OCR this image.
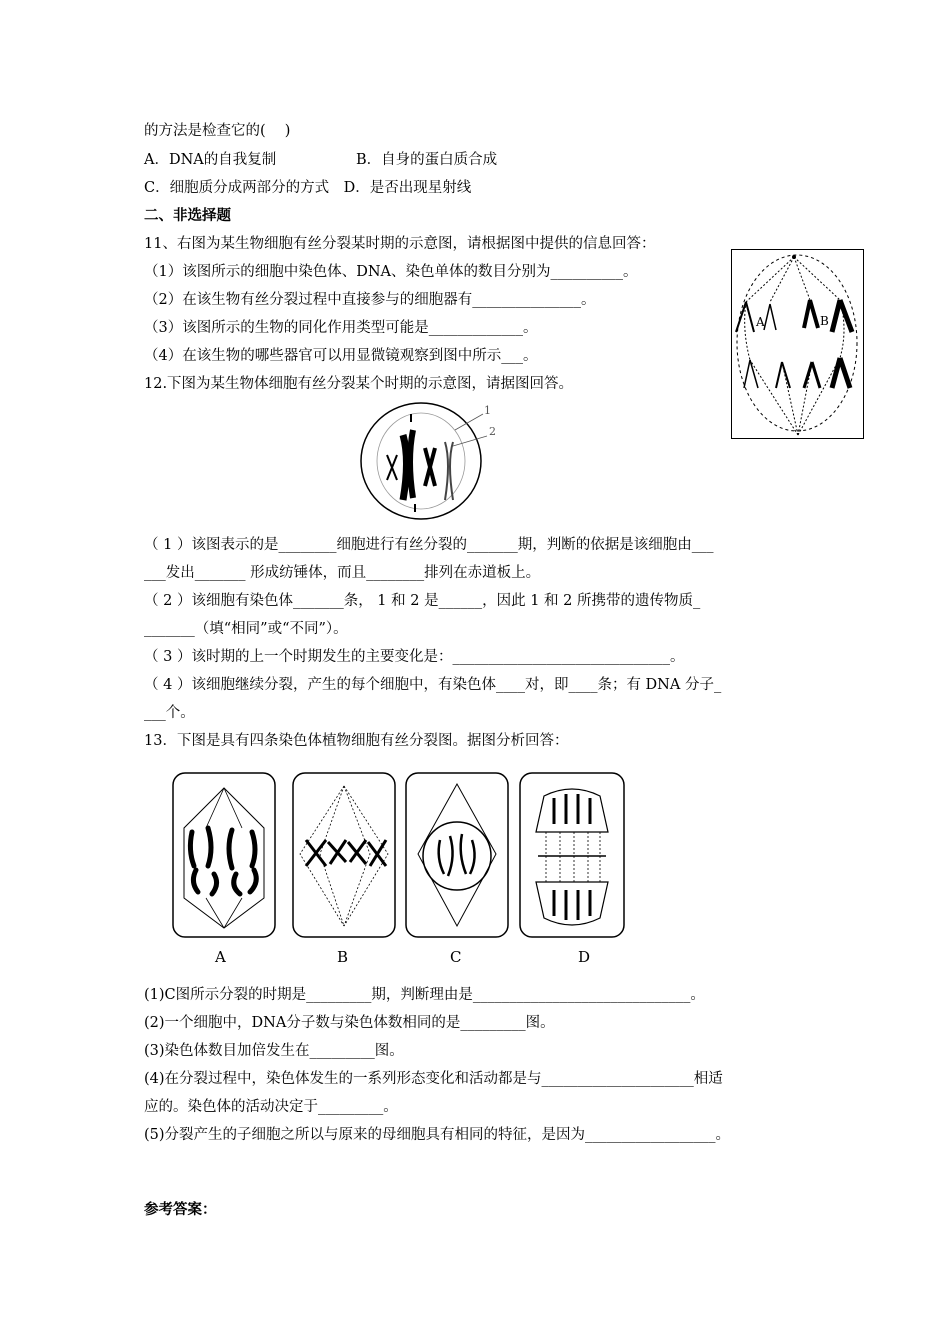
的方法是检查它的(　 )
A．DNA的自我复制	B．自身的蛋白质合成
C．细胞质分成两部分的方式　D．是否出现星射线
二、非选择题
11、右图为某生物细胞有丝分裂某时期的示意图，请根据图中提供的信息回答：
（1）该图所示的细胞中染色体、DNA、染色单体的数目分别为__________。
（2）在该生物有丝分裂过程中直接参与的细胞器有_______________。
（3）该图所示的生物的同化作用类型可能是_____________。
（4）在该生物的哪些器官可以用显微镜观察到图中所示___。
12.下图为某生物体细胞有丝分裂某个时期的示意图，请据图回答。
（ 1 ）该图表示的是________细胞进行有丝分裂的_______期，判断的依据是该细胞由___
___发出_______ 形成纺锤体，而且________排列在赤道板上。
（ 2 ）该细胞有染色体_______条， 1 和 2 是______，因此 1 和 2 所携带的遗传物质_
_______（填“相同”或“不同”）。
（ 3 ）该时期的上一个时期发生的主要变化是：______________________________。
（ 4 ）该细胞继续分裂，产生的每个细胞中，有染色体____对，即____条；有 DNA 分子_
___个。
13．下图是具有四条染色体植物细胞有丝分裂图。据图分析回答：
(1)C图所示分裂的时期是_________期，判断理由是______________________________。
(2)一个细胞中，DNA分子数与染色体数相同的是_________图。
(3)染色体数目加倍发生在_________图。
(4)在分裂过程中，染色体发生的一系列形态变化和活动都是与_____________________相适
应的。染色体的活动决定于_________。
(5)分裂产生的子细胞之所以与原来的母细胞具有相同的特征，是因为__________________。
参考答案：
A	B
1
2
A	B	C	D
